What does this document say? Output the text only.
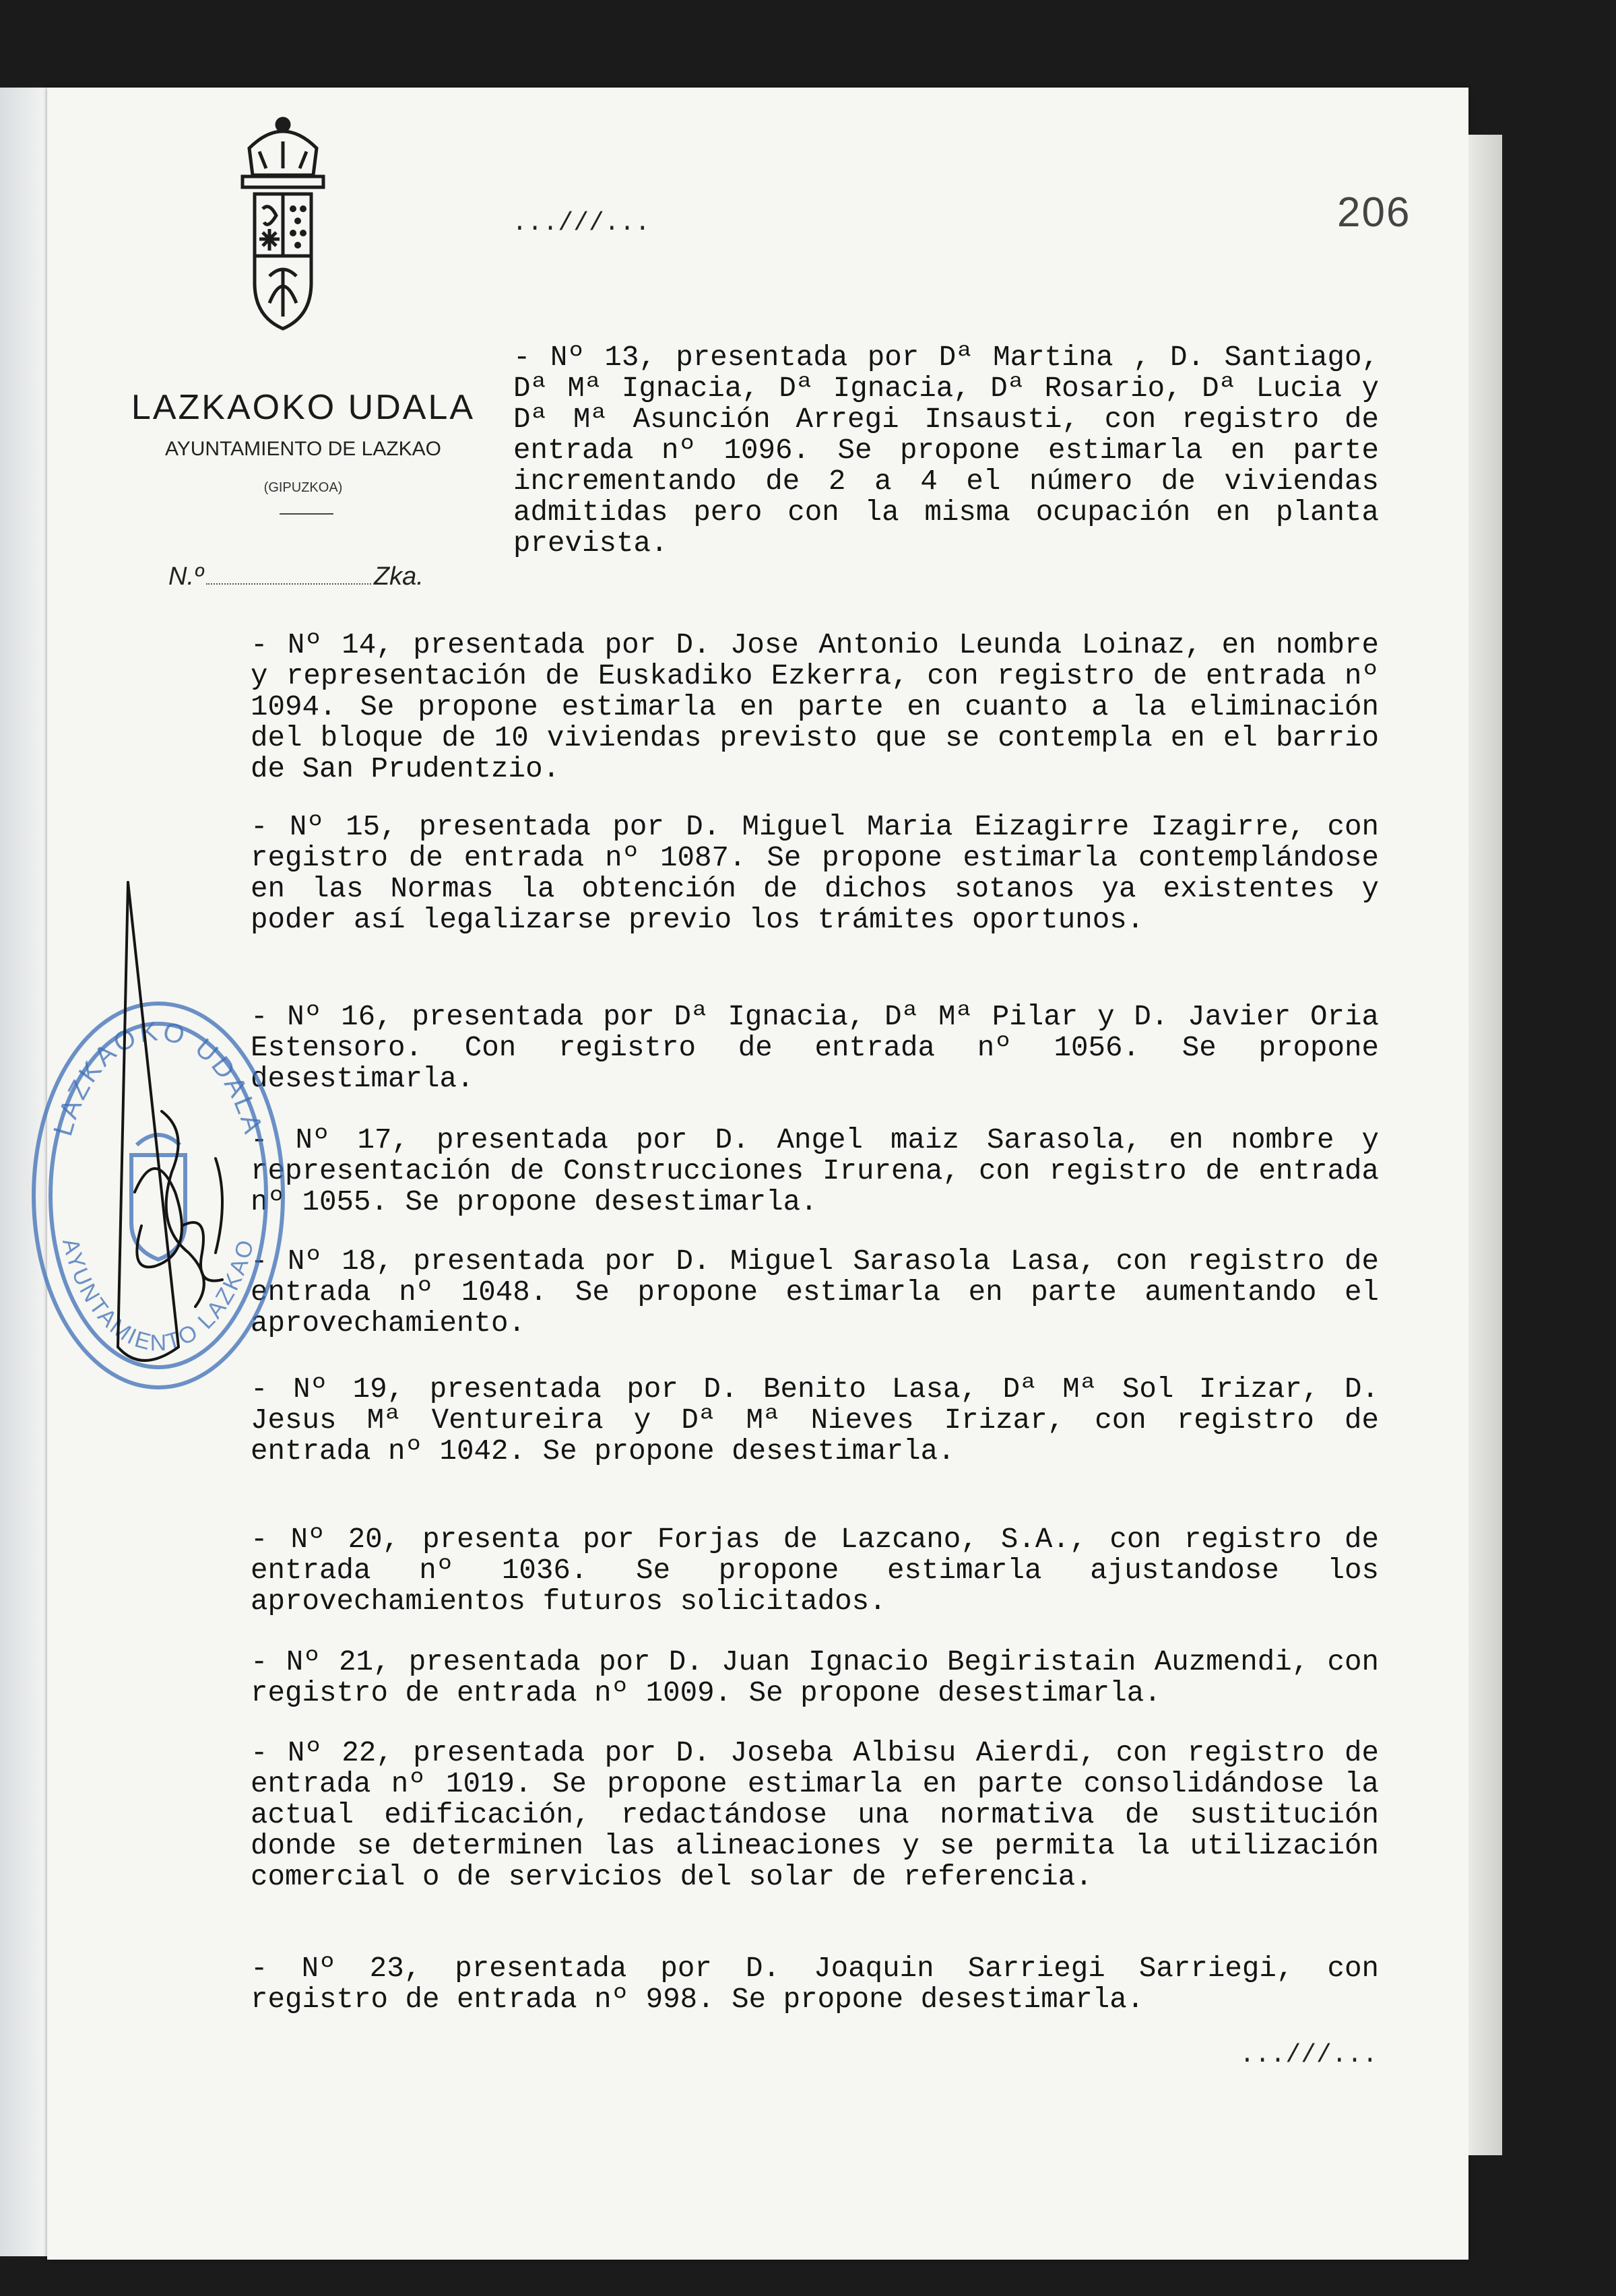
LAZKAOKO UDALA
AYUNTAMIENTO DE LAZKAO
(GIPUZKOA)
N.º	Zka.
...///...	206
- Nº 13, presentada por Dª Martina , D. Santiago, Dª Mª Ignacia, Dª Ignacia, Dª Rosario, Dª Lucia y Dª Mª Asunción Arregi Insausti, con registro de entrada nº 1096. Se propone estimarla en parte incrementando de 2 a 4 el número de viviendas admitidas pero con la misma ocupación en planta prevista.
- Nº 14, presentada por D. Jose Antonio Leunda Loinaz, en nombre y representación de Euskadiko Ezkerra, con registro de entrada nº 1094. Se propone estimarla en parte en cuanto a la eliminación del bloque de 10 viviendas previsto que se contempla en el barrio de San Prudentzio.
- Nº 15, presentada por D. Miguel Maria Eizagirre Izagirre, con registro de entrada nº 1087. Se propone estimarla contemplándose en las Normas la obtención de dichos sotanos ya existentes y poder así legalizarse previo los trámites oportunos.
- Nº 16, presentada por Dª Ignacia, Dª Mª Pilar y D. Javier Oria Estensoro. Con registro de entrada nº 1056. Se propone desestimarla.
- Nº 17, presentada por D. Angel maiz Sarasola, en nombre y representación de Construcciones Irurena, con registro de entrada nº 1055. Se propone desestimarla.
- Nº 18, presentada por D. Miguel Sarasola Lasa, con registro de entrada nº 1048. Se propone estimarla en parte aumentando el aprovechamiento.
- Nº 19, presentada por D. Benito Lasa, Dª Mª Sol Irizar, D. Jesus Mª Ventureira y Dª Mª Nieves Irizar, con registro de entrada nº 1042. Se propone desestimarla.
- Nº 20, presenta por Forjas de Lazcano, S.A., con registro de entrada nº 1036. Se propone estimarla ajustandose los aprovechamientos futuros solicitados.
- Nº 21, presentada por D. Juan Ignacio Begiristain Auzmendi, con registro de entrada nº 1009. Se propone desestimarla.
- Nº 22, presentada por D. Joseba Albisu Aierdi, con registro de entrada nº 1019. Se propone estimarla en parte consolidándose la actual edificación, redactándose una normativa de sustitución donde se determinen las alineaciones y se permita la utilización comercial o de servicios del solar de referencia.
- Nº 23, presentada por D. Joaquin Sarriegi Sarriegi, con registro de entrada nº 998. Se propone desestimarla.
...///...
LAZKAOKO UDALA
AYUNTAMIENTO LAZKAO
